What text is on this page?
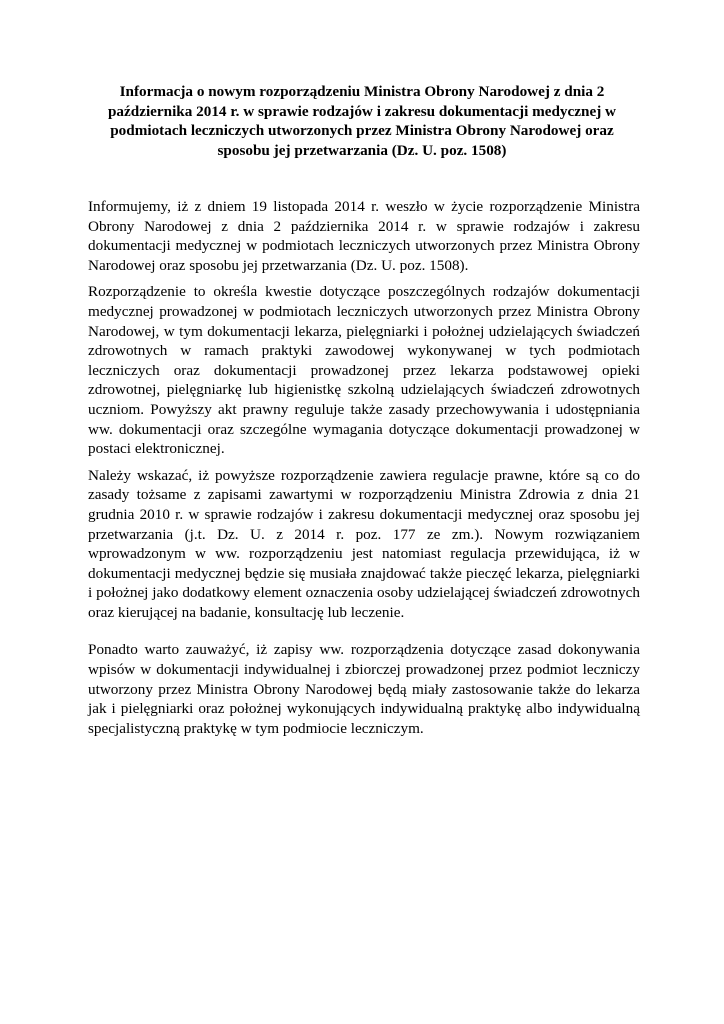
Informacja o nowym rozporządzeniu Ministra Obrony Narodowej z dnia 2 października 2014 r. w sprawie rodzajów i zakresu dokumentacji medycznej w podmiotach leczniczych utworzonych przez Ministra Obrony Narodowej oraz sposobu jej przetwarzania (Dz. U. poz. 1508)

Informujemy, iż z dniem 19 listopada 2014 r. weszło w życie rozporządzenie Ministra Obrony Narodowej z dnia 2 października 2014 r. w sprawie rodzajów i zakresu dokumentacji medycznej w podmiotach leczniczych utworzonych przez Ministra Obrony Narodowej oraz sposobu jej przetwarzania (Dz. U. poz. 1508).

Rozporządzenie to określa kwestie dotyczące poszczególnych rodzajów dokumentacji medycznej prowadzonej w podmiotach leczniczych utworzonych przez Ministra Obrony Narodowej, w tym dokumentacji lekarza, pielęgniarki i położnej udzielających świadczeń zdrowotnych w ramach praktyki zawodowej wykonywanej w tych podmiotach leczniczych oraz dokumentacji prowadzonej przez lekarza podstawowej opieki zdrowotnej, pielęgniarkę lub higienistkę szkolną udzielających świadczeń zdrowotnych uczniom. Powyższy akt prawny reguluje także zasady przechowywania i udostępniania ww. dokumentacji oraz szczególne wymagania dotyczące dokumentacji prowadzonej w postaci elektronicznej.

Należy wskazać, iż powyższe rozporządzenie zawiera regulacje prawne, które są co do zasady tożsame z zapisami zawartymi w rozporządzeniu Ministra Zdrowia z dnia 21 grudnia 2010 r. w sprawie rodzajów i zakresu dokumentacji medycznej oraz sposobu jej przetwarzania (j.t. Dz. U. z 2014 r. poz. 177 ze zm.). Nowym rozwiązaniem wprowadzonym w ww. rozporządzeniu jest natomiast regulacja przewidująca, iż w dokumentacji medycznej będzie się musiała znajdować także pieczęć lekarza, pielęgniarki i położnej jako dodatkowy element oznaczenia osoby udzielającej świadczeń zdrowotnych oraz kierującej na badanie, konsultację lub leczenie.

Ponadto warto zauważyć, iż zapisy ww. rozporządzenia dotyczące zasad dokonywania wpisów w dokumentacji indywidualnej i zbiorczej prowadzonej przez podmiot leczniczy utworzony przez Ministra Obrony Narodowej będą miały zastosowanie także do lekarza jak i pielęgniarki oraz położnej wykonujących indywidualną praktykę albo indywidualną specjalistyczną praktykę w tym podmiocie leczniczym.
